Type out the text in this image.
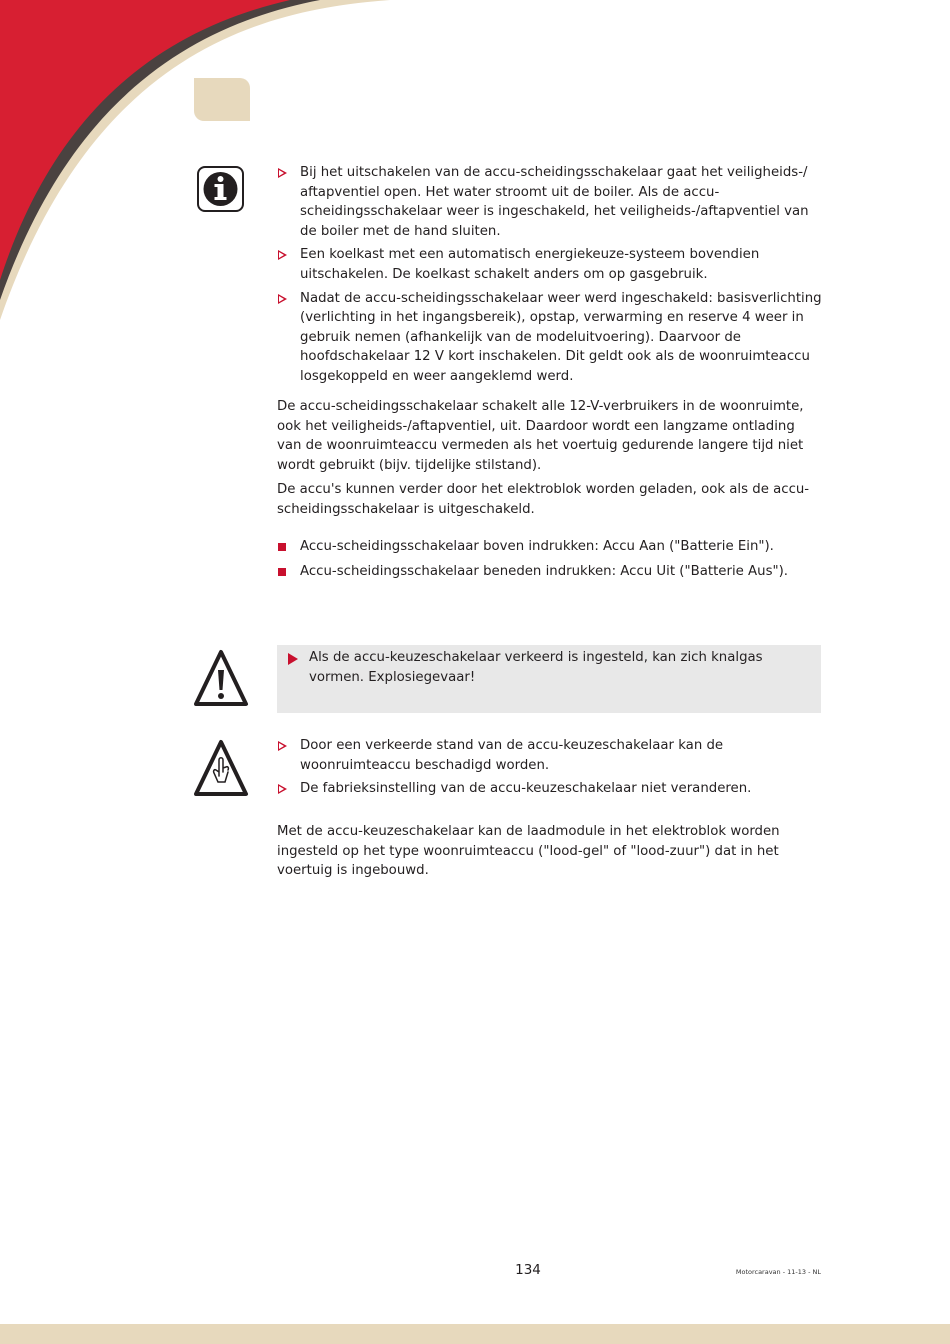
Bij het uitschakelen van de accu-scheidingsschakelaar gaat het veiligheids-/ aftapventiel open. Het water stroomt uit de boiler. Als de accu-scheidingsschakelaar weer is ingeschakeld, het veiligheids-/aftapventiel van de boiler met de hand sluiten.
Een koelkast met een automatisch energiekeuze-systeem bovendien uitschakelen. De koelkast schakelt anders om op gasgebruik.
Nadat de accu-scheidingsschakelaar weer werd ingeschakeld: basisverlichting (verlichting in het ingangsbereik), opstap, verwarming en reserve 4 weer in gebruik nemen (afhankelijk van de modeluitvoering). Daarvoor de hoofdschakelaar 12 V kort inschakelen. Dit geldt ook als de woonruimteaccu losgekoppeld en weer aangeklemd werd.

De accu-scheidingsschakelaar schakelt alle 12-V-verbruikers in de woonruimte, ook het veiligheids-/aftapventiel, uit. Daardoor wordt een langzame ontlading van de woonruimteaccu vermeden als het voertuig gedurende langere tijd niet wordt gebruikt (bijv. tijdelijke stilstand).

De accu's kunnen verder door het elektroblok worden geladen, ook als de accu-scheidingsschakelaar is uitgeschakeld.

Accu-scheidingsschakelaar boven indrukken: Accu Aan ("Batterie Ein").
Accu-scheidingsschakelaar beneden indrukken: Accu Uit ("Batterie Aus").
Als de accu-keuzeschakelaar verkeerd is ingesteld, kan zich knalgas vormen. Explosiegevaar!
Door een verkeerde stand van de accu-keuzeschakelaar kan de woonruimteaccu beschadigd worden.
De fabrieksinstelling van de accu-keuzeschakelaar niet veranderen.

Met de accu-keuzeschakelaar kan de laadmodule in het elektroblok worden ingesteld op het type woonruimteaccu ("lood-gel" of "lood-zuur") dat in het voertuig is ingebouwd.

134	Motorcaravan - 11-13 - NL
